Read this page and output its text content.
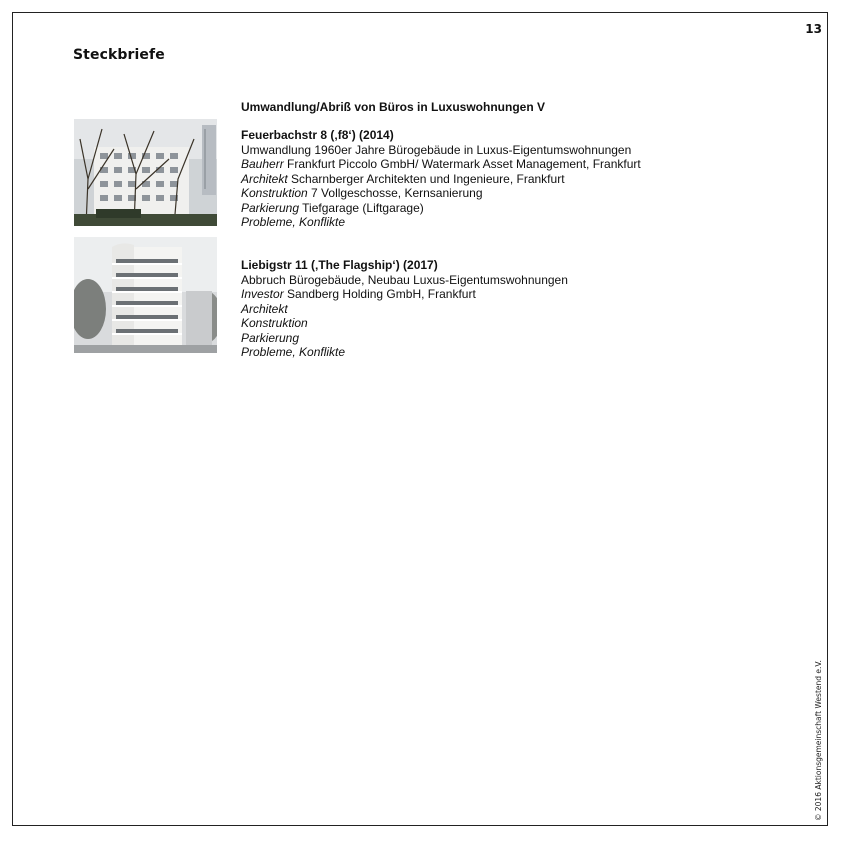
13
Steckbriefe
Umwandlung/Abriß von Büros in Luxuswohnungen V
Feuerbachstr 8 (‚f8‘) (2014)
Umwandlung 1960er Jahre Bürogebäude in Luxus-Eigentumswohnungen
Bauherr Frankfurt Piccolo GmbH/ Watermark Asset Management, Frankfurt
Architekt Scharnberger Architekten und Ingenieure, Frankfurt
Konstruktion 7 Vollgeschosse, Kernsanierung
Parkierung Tiefgarage (Liftgarage)
Probleme, Konflikte
Liebigstr 11 (‚The Flagship‘) (2017)
Abbruch Bürogebäude, Neubau Luxus-Eigentumswohnungen
Investor Sandberg Holding GmbH, Frankfurt
Architekt
Konstruktion
Parkierung
Probleme, Konflikte
© 2016 Aktionsgemeinschaft Westend e.V.
